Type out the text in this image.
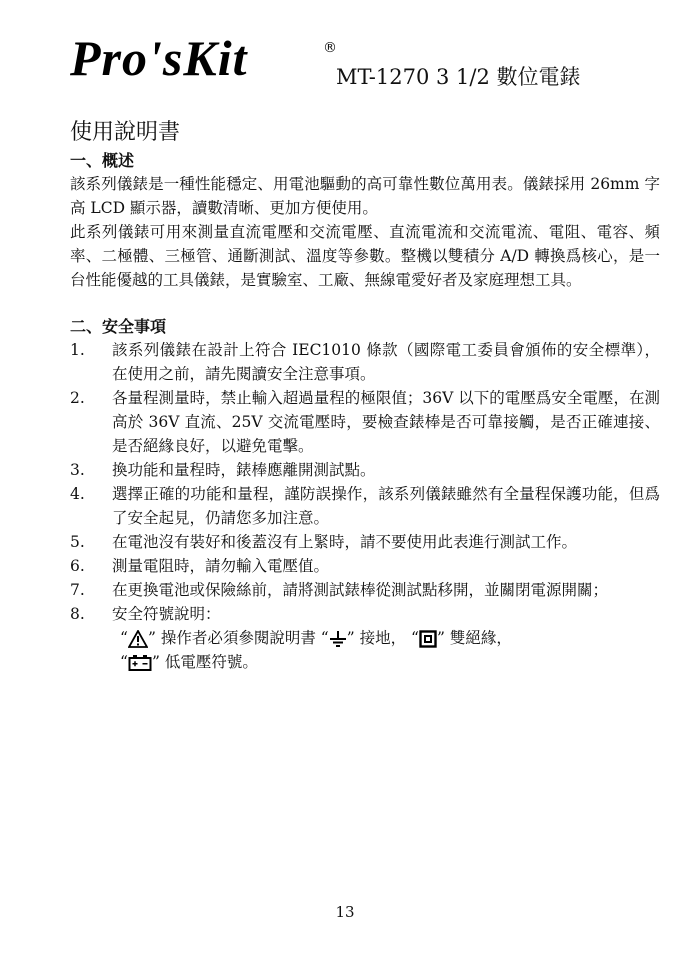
Pro'sKit	®
MT-1270 3 1/2 數位電錶
使用說明書
一、概述
該系列儀錶是一種性能穩定、用電池驅動的高可靠性數位萬用表。儀錶採用 26mm 字高 LCD 顯示器，讀數清晰、更加方便使用。
此系列儀錶可用來測量直流電壓和交流電壓、直流電流和交流電流、電阻、電容、頻率、二極體、三極管、通斷測試、溫度等參數。整機以雙積分 A/D 轉換爲核心，是一台性能優越的工具儀錶，是實驗室、工廠、無線電愛好者及家庭理想工具。
二、安全事項
1. 該系列儀錶在設計上符合 IEC1010 條款（國際電工委員會頒佈的安全標準），在使用之前，請先閱讀安全注意事項。
2. 各量程測量時，禁止輸入超過量程的極限值；36V 以下的電壓爲安全電壓，在測高於 36V 直流、25V 交流電壓時，要檢查錶棒是否可靠接觸，是否正確連接、是否絕緣良好，以避免電擊。
3. 換功能和量程時，錶棒應離開測試點。
4. 選擇正確的功能和量程，謹防誤操作，該系列儀錶雖然有全量程保護功能，但爲了安全起見，仍請您多加注意。
5. 在電池沒有裝好和後蓋沒有上緊時，請不要使用此表進行測試工作。
6. 測量電阻時，請勿輸入電壓值。
7. 在更換電池或保險絲前，請將測試錶棒從測試點移開，並關閉電源開關；
8. 安全符號說明：
“ ” 操作者必須參閱說明書 “ ” 接地， “ ” 雙絕緣，
“ ” 低電壓符號。
13
